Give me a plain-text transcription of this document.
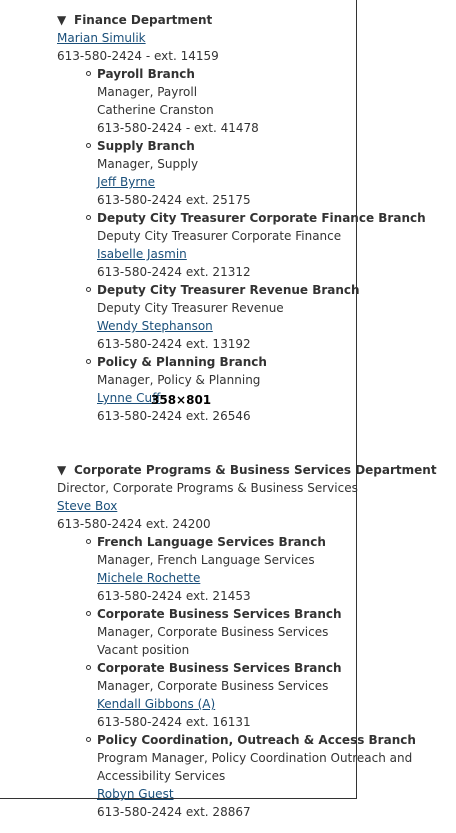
▼ Finance Department
Marian Simulik
613-580-2424 - ext. 14159
Payroll Branch
Manager, Payroll
Catherine Cranston
613-580-2424 - ext. 41478
Supply Branch
Manager, Supply
Jeff Byrne
613-580-2424 ext. 25175
Deputy City Treasurer Corporate Finance Branch
Deputy City Treasurer Corporate Finance
Isabelle Jasmin
613-580-2424 ext. 21312
Deputy City Treasurer Revenue Branch
Deputy City Treasurer Revenue
Wendy Stephanson
613-580-2424 ext. 13192
Policy & Planning Branch
Manager, Policy & Planning
Lynne Cuff
613-580-2424 ext. 26546
▼ Corporate Programs & Business Services Department
Director, Corporate Programs & Business Services
Steve Box
613-580-2424 ext. 24200
French Language Services Branch
Manager, French Language Services
Michele Rochette
613-580-2424 ext. 21453
Corporate Business Services Branch
Manager, Corporate Business Services
Vacant position
Corporate Business Services Branch
Manager, Corporate Business Services
Kendall Gibbons (A)
613-580-2424 ext. 16131
Policy Coordination, Outreach & Access Branch
Program Manager, Policy Coordination Outreach and Accessibility Services
Robyn Guest
613-580-2424 ext. 28867
358×801
